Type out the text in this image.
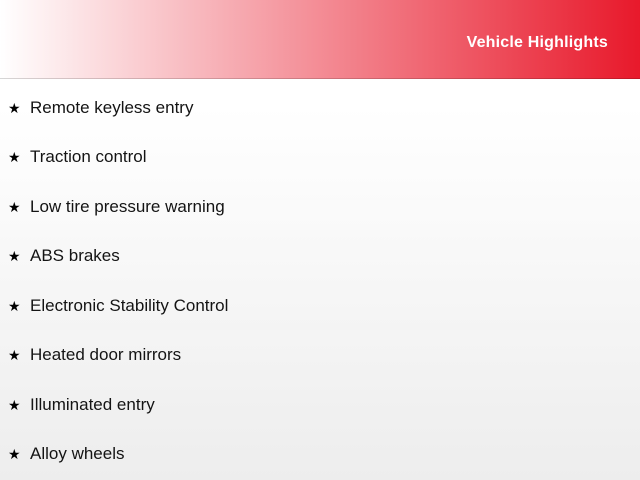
Vehicle Highlights
★ Remote keyless entry
★ Traction control
★ Low tire pressure warning
★ ABS brakes
★ Electronic Stability Control
★ Heated door mirrors
★ Illuminated entry
★ Alloy wheels
